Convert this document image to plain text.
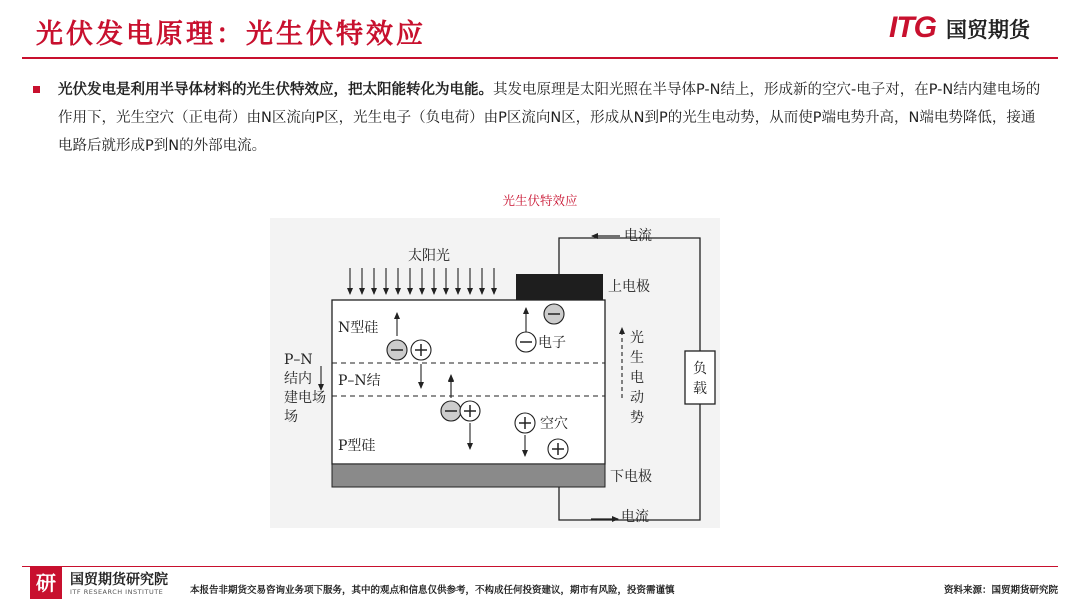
光伏发电原理：光生伏特效应	ITG 国贸期货
光伏发电是利用半导体材料的光生伏特效应，把太阳能转化为电能。其发电原理是太阳光照在半导体P-N结上，形成新的空穴-电子对，在P-N结内建电场的作用下，光生空穴（正电荷）由N区流向P区，光生电子（负电荷）由P区流向N区，形成从N到P的光生电动势，从而使P端电势升高，N端电势降低，接通电路后就形成P到N的外部电流。
光生伏特效应
电流
电流
负
载
上电极
下电极
太阳光
N型硅
P–N结
P型硅
P–N
结内
建电场
场
电子
空穴
光
生
电
动
势
研	国贸期货研究院
ITF RESEARCH INSTITUTE	本报告非期货交易咨询业务项下服务，其中的观点和信息仅供参考，不构成任何投资建议，期市有风险，投资需谨慎	资料来源：国贸期货研究院
